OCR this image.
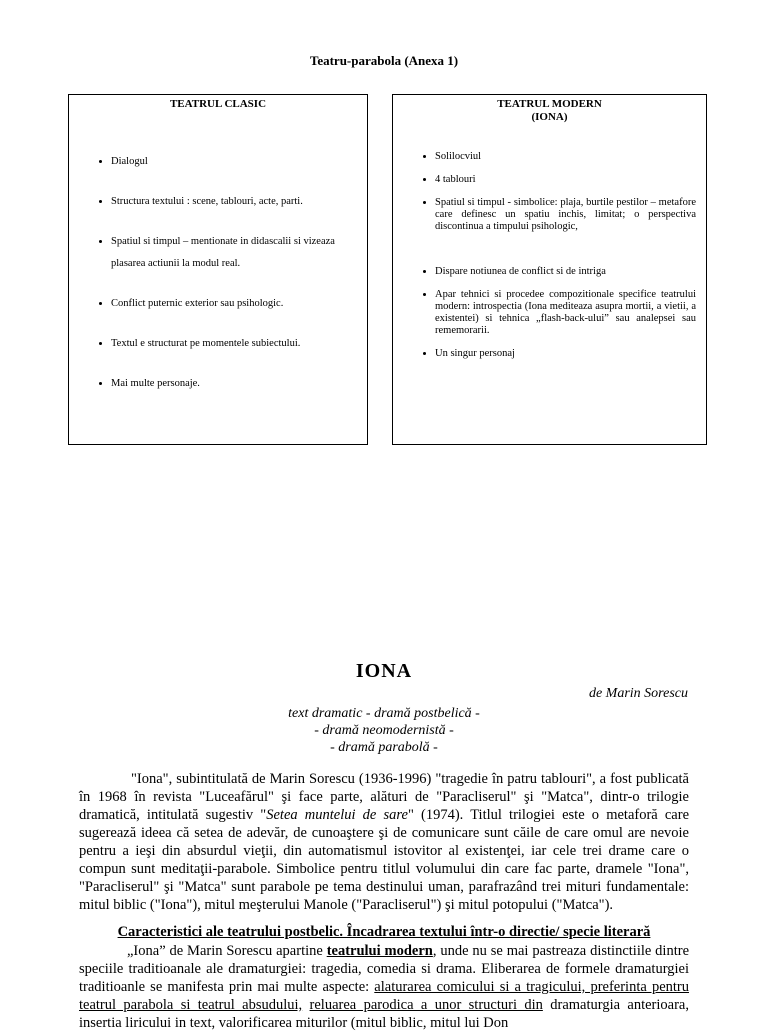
Teatru-parabola (Anexa 1)
TEATRUL CLASIC
• Dialogul
• Structura textului : scene, tablouri, acte, parti.
• Spatiul si timpul – mentionate in didascalii si vizeaza plasarea actiunii la modul real.
• Conflict puternic exterior sau psihologic.
• Textul e structurat pe momentele subiectului.
• Mai multe personaje.
TEATRUL MODERN
(IONA)
• Solilocviul
• 4 tablouri
• Spatiul si timpul - simbolice: plaja, burtile pestilor – metafore care definesc un spatiu inchis, limitat; o perspectiva discontinua a timpului psihologic,
• Dispare notiunea de conflict si de intriga
• Apar tehnici si procedee compozitionale specifice teatrului modern: introspectia (Iona mediteaza asupra mortii, a vietii, a existentei) si tehnica „flash-back-ului” sau analepsei sau rememorarii.
• Un singur personaj
IONA
de Marin Sorescu
text dramatic - dramă postbelică -
- dramă neomodernistă -
- dramă parabolă -

"Iona", subintitulată de Marin Sorescu (1936-1996) "tragedie în patru tablouri", a fost publicată în 1968 în revista "Luceafărul" şi face parte, alături de "Paracliserul" şi "Matca", dintr-o trilogie dramatică, intitulată sugestiv "Setea muntelui de sare" (1974). Titlul trilogiei este o metaforă care sugerează ideea că setea de adevăr, de cunoaştere şi de comunicare sunt căile de care omul are nevoie pentru a ieşi din absurdul vieţii, din automatismul istovitor al existenţei, iar cele trei drame care o compun sunt meditaţii-parabole. Simbolice pentru titlul volumului din care fac parte, dramele "Iona", "Paracliserul" şi "Matca" sunt parabole pe tema destinului uman, parafrazând trei mituri fundamentale: mitul biblic ("Iona"), mitul meşterului Manole ("Paracliserul") şi mitul potopului ("Matca").

Caracteristici ale teatrului postbelic. Încadrarea textului într-o directie/ specie literară

„Iona” de Marin Sorescu apartine teatrului modern, unde nu se mai pastreaza distinctiile dintre speciile traditioanale ale dramaturgiei: tragedia, comedia si drama. Eliberarea de formele dramaturgiei traditioanle se manifesta prin mai multe aspecte: alaturarea comicului si a tragicului, preferinta pentru teatrul parabola si teatrul absudului, reluarea parodica a unor structuri din dramaturgia anterioara, insertia liricului in text, valorificarea miturilor (mitul biblic, mitul lui Don
